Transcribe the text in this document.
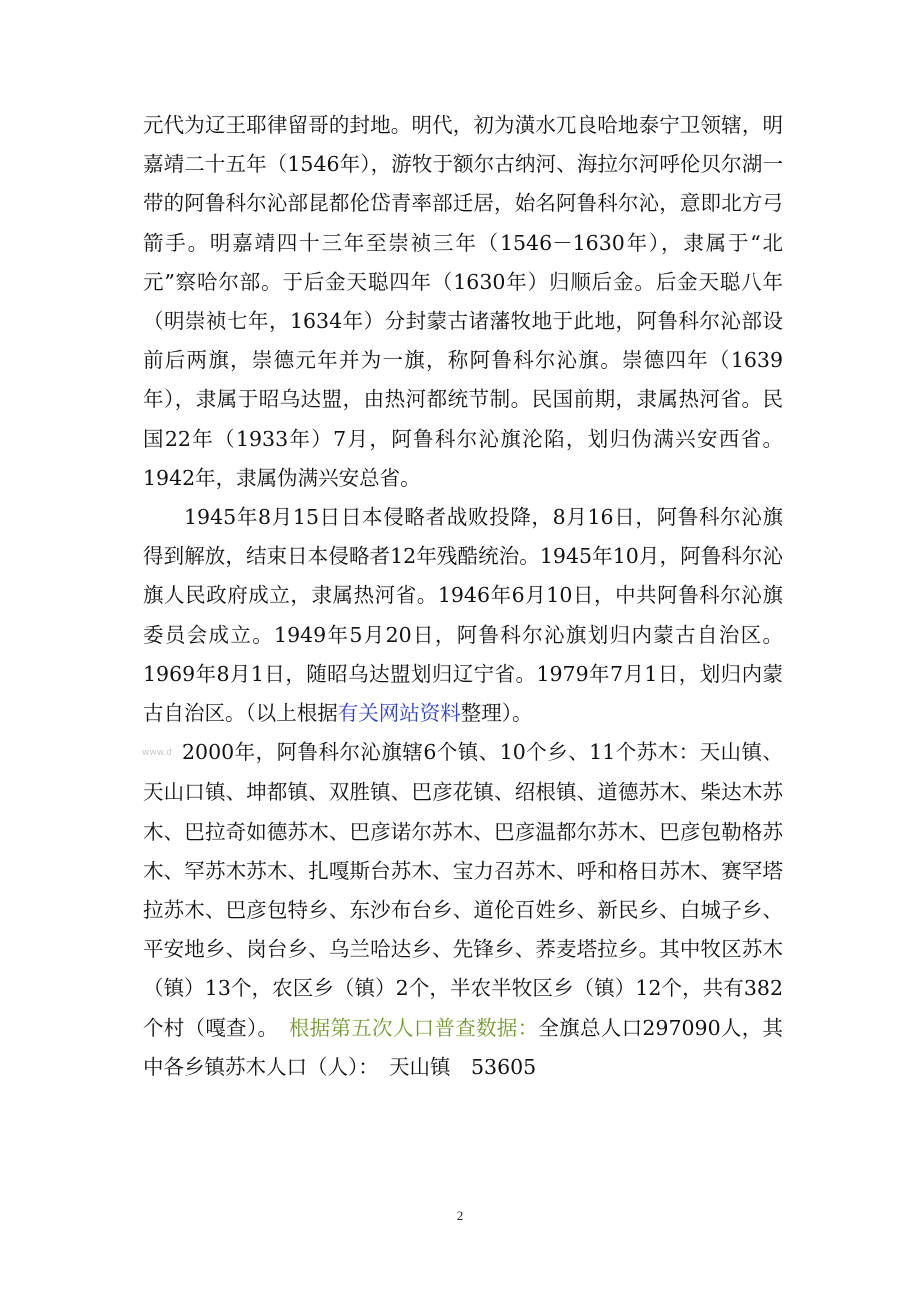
元代为辽王耶律留哥的封地。明代，初为潢水兀良哈地泰宁卫领辖，明嘉靖二十五年（1546年），游牧于额尔古纳河、海拉尔河呼伦贝尔湖一带的阿鲁科尔沁部昆都伦岱青率部迁居，始名阿鲁科尔沁，意即北方弓箭手。明嘉靖四十三年至崇祯三年（1546－1630年），隶属于“北元”察哈尔部。于后金天聪四年（1630年）归顺后金。后金天聪八年（明崇祯七年，1634年）分封蒙古诸藩牧地于此地，阿鲁科尔沁部设前后两旗，崇德元年并为一旗，称阿鲁科尔沁旗。崇德四年（1639年），隶属于昭乌达盟，由热河都统节制。民国前期，隶属热河省。民国22年（1933年）7月，阿鲁科尔沁旗沦陷，划归伪满兴安西省。1942年，隶属伪满兴安总省。

1945年8月15日日本侵略者战败投降，8月16日，阿鲁科尔沁旗得到解放，结束日本侵略者12年残酷统治。1945年10月，阿鲁科尔沁旗人民政府成立，隶属热河省。1946年6月10日，中共阿鲁科尔沁旗委员会成立。1949年5月20日，阿鲁科尔沁旗划归内蒙古自治区。1969年8月1日，随昭乌达盟划归辽宁省。1979年7月1日，划归内蒙古自治区。（以上根据有关网站资料整理）。

www.d 2000年，阿鲁科尔沁旗辖6个镇、10个乡、11个苏木：天山镇、天山口镇、坤都镇、双胜镇、巴彦花镇、绍根镇、道德苏木、柴达木苏木、巴拉奇如德苏木、巴彦诺尔苏木、巴彦温都尔苏木、巴彦包勒格苏木、罕苏木苏木、扎嘎斯台苏木、宝力召苏木、呼和格日苏木、赛罕塔拉苏木、巴彦包特乡、东沙布台乡、道伦百姓乡、新民乡、白城子乡、平安地乡、岗台乡、乌兰哈达乡、先锋乡、荞麦塔拉乡。其中牧区苏木（镇）13个，农区乡（镇）2个，半农半牧区乡（镇）12个，共有382个村（嘎查）。　 根据第五次人口普查数据：全旗总人口297090人，其中各乡镇苏木人口（人）：　天山镇　53605

2
